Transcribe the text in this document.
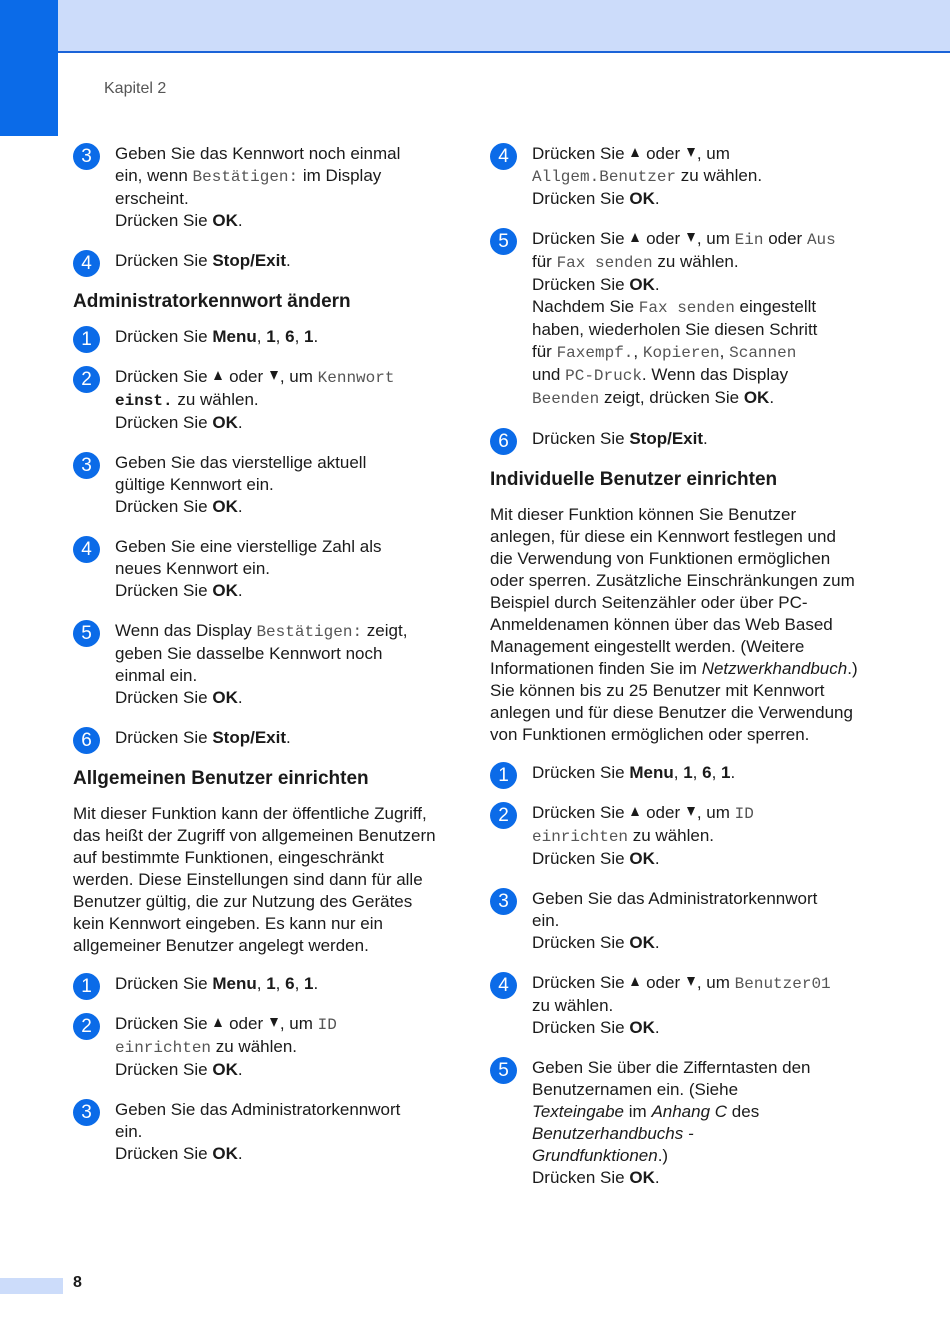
Kapitel 2
3	Geben Sie das Kennwort noch einmal
ein, wenn Bestätigen: im Display
erscheint.
Drücken Sie OK.
4	Drücken Sie Stop/Exit.
Administratorkennwort ändern
1	Drücken Sie Menu, 1, 6, 1.
2	Drücken Sie oder , um Kennwort
einst. zu wählen.
Drücken Sie OK.
3	Geben Sie das vierstellige aktuell
gültige Kennwort ein.
Drücken Sie OK.
4	Geben Sie eine vierstellige Zahl als
neues Kennwort ein.
Drücken Sie OK.
5	Wenn das Display Bestätigen: zeigt,
geben Sie dasselbe Kennwort noch
einmal ein.
Drücken Sie OK.
6	Drücken Sie Stop/Exit.
Allgemeinen Benutzer einrichten

Mit dieser Funktion kann der öffentliche Zugriff, das heißt der Zugriff von allgemeinen Benutzern auf bestimmte Funktionen, eingeschränkt werden. Diese Einstellungen sind dann für alle Benutzer gültig, die zur Nutzung des Gerätes kein Kennwort eingeben. Es kann nur ein allgemeiner Benutzer angelegt werden.

1	Drücken Sie Menu, 1, 6, 1.
2	Drücken Sie oder , um ID
einrichten zu wählen.
Drücken Sie OK.
3	Geben Sie das Administratorkennwort
ein.
Drücken Sie OK.
4	Drücken Sie oder , um
Allgem.Benutzer zu wählen.
Drücken Sie OK.
5	Drücken Sie oder , um Ein oder Aus
für Fax senden zu wählen.
Drücken Sie OK.
Nachdem Sie Fax senden eingestellt
haben, wiederholen Sie diesen Schritt
für Faxempf., Kopieren, Scannen
und PC-Druck. Wenn das Display
Beenden zeigt, drücken Sie OK.
6	Drücken Sie Stop/Exit.
Individuelle Benutzer einrichten

Mit dieser Funktion können Sie Benutzer anlegen, für diese ein Kennwort festlegen und die Verwendung von Funktionen ermöglichen oder sperren. Zusätzliche Einschränkungen zum Beispiel durch Seitenzähler oder über PC-Anmeldenamen können über das Web Based Management eingestellt werden. (Weitere Informationen finden Sie im Netzwerkhandbuch.) Sie können bis zu 25 Benutzer mit Kennwort anlegen und für diese Benutzer die Verwendung von Funktionen ermöglichen oder sperren.

1	Drücken Sie Menu, 1, 6, 1.
2	Drücken Sie oder , um ID
einrichten zu wählen.
Drücken Sie OK.
3	Geben Sie das Administratorkennwort
ein.
Drücken Sie OK.
4	Drücken Sie oder , um Benutzer01
zu wählen.
Drücken Sie OK.
5	Geben Sie über die Zifferntasten den
Benutzernamen ein. (Siehe
Texteingabe im Anhang C des
Benutzerhandbuchs -
Grundfunktionen.)
Drücken Sie OK.
8
